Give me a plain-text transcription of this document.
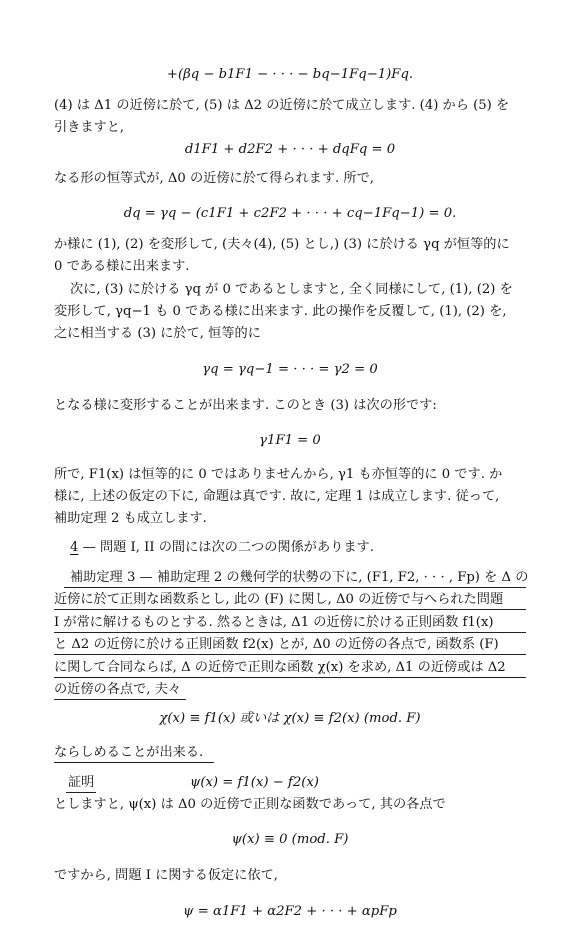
+(βq − b1F1 − · · · − bq−1Fq−1)Fq.
(4) は Δ1 の近傍に於て, (5) は Δ2 の近傍に於て成立します. (4) から (5) を
引きますと,
d1F1 + d2F2 + · · · + dqFq = 0
なる形の恒等式が, Δ0 の近傍に於て得られます. 所で,
dq = γq − (c1F1 + c2F2 + · · · + cq−1Fq−1) = 0.
か様に (1), (2) を変形して, (夫々(4), (5) とし,) (3) に於ける γq が恒等的に
0 である様に出来ます.
次に, (3) に於ける γq が 0 であるとしますと, 全く同様にして, (1), (2) を
変形して, γq−1 も 0 である様に出来ます. 此の操作を反覆して, (1), (2) を,
之に相当する (3) に於て, 恒等的に
γq = γq−1 = · · · = γ2 = 0
となる様に変形することが出来ます. このとき (3) は次の形です:
γ1F1 = 0
所で, F1(x) は恒等的に 0 ではありませんから, γ1 も亦恒等的に 0 です. か
様に, 上述の仮定の下に, 命題は真です. 故に, 定理 1 は成立します. 従って,
補助定理 2 も成立します.
4 — 問題 I, II の間には次の二つの関係があります.
補助定理 3 — 補助定理 2 の幾何学的状勢の下に, (F1, F2, · · · , Fp) を Δ の
近傍に於て正則な函数系とし, 此の (F) に関し, Δ0 の近傍で与へられた問題
I が常に解けるものとする. 然るときは, Δ1 の近傍に於ける正則函数 f1(x)
と Δ2 の近傍に於ける正則函数 f2(x) とが, Δ0 の近傍の各点で, 函数系 (F)
に関して合同ならば, Δ の近傍で正則な函数 χ(x) を求め, Δ1 の近傍或は Δ2
の近傍の各点で, 夫々
χ(x) ≡ f1(x) 或いは χ(x) ≡ f2(x) (mod. F)
ならしめることが出来る.
証明	ψ(x) = f1(x) − f2(x)
としますと, ψ(x) は Δ0 の近傍で正則な函数であって, 其の各点で
ψ(x) ≡ 0 (mod. F)
ですから, 問題 I に関する仮定に依て,
ψ = α1F1 + α2F2 + · · · + αpFp
